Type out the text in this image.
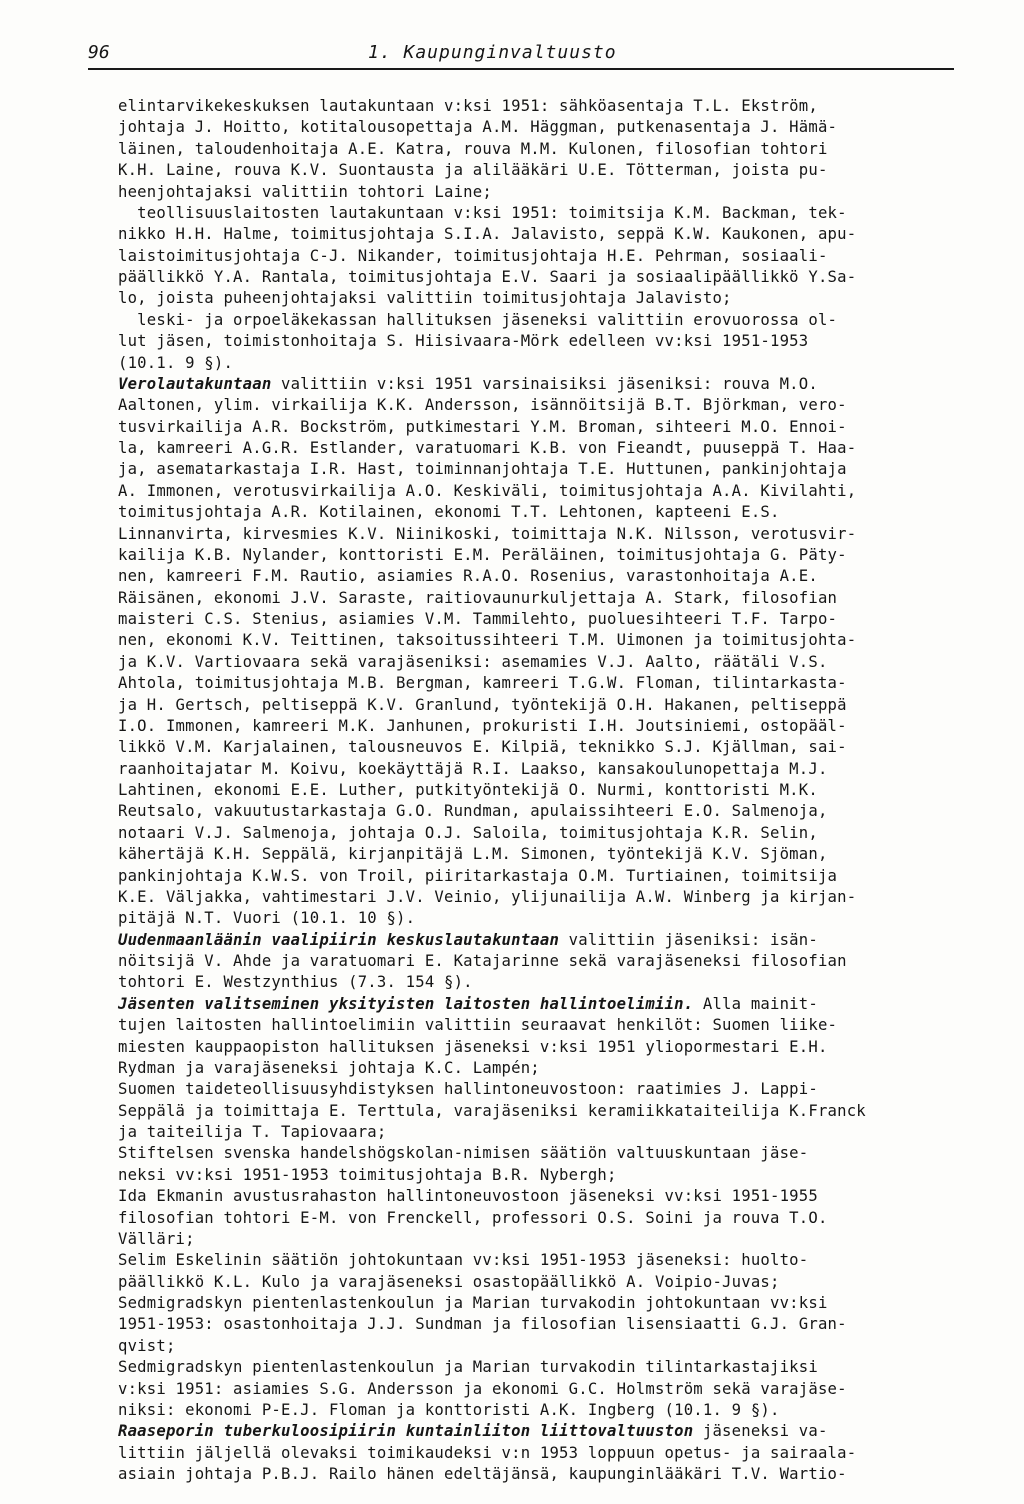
96	1. Kaupunginvaltuusto
elintarvikekeskuksen lautakuntaan v:ksi 1951: sähköasentaja T.L. Ekström,
johtaja J. Hoitto, kotitalousopettaja A.M. Häggman, putkenasentaja J. Hämä-
läinen, taloudenhoitaja A.E. Katra, rouva M.M. Kulonen, filosofian tohtori
K.H. Laine, rouva K.V. Suontausta ja alilääkäri U.E. Tötterman, joista pu-
heenjohtajaksi valittiin tohtori Laine;
teollisuuslaitosten lautakuntaan v:ksi 1951: toimitsija K.M. Backman, tek-
nikko H.H. Halme, toimitusjohtaja S.I.A. Jalavisto, seppä K.W. Kaukonen, apu-
laistoimitusjohtaja C-J. Nikander, toimitusjohtaja H.E. Pehrman, sosiaali-
päällikkö Y.A. Rantala, toimitusjohtaja E.V. Saari ja sosiaalipäällikkö Y.Sa-
lo, joista puheenjohtajaksi valittiin toimitusjohtaja Jalavisto;
leski- ja orpoeläkekassan hallituksen jäseneksi valittiin erovuorossa ol-
lut jäsen, toimistonhoitaja S. Hiisivaara-Mörk edelleen vv:ksi 1951-1953
(10.1. 9 §).
Verolautakuntaan valittiin v:ksi 1951 varsinaisiksi jäseniksi: rouva M.O.
Aaltonen, ylim. virkailija K.K. Andersson, isännöitsijä B.T. Björkman, vero-
tusvirkailija A.R. Bockström, putkimestari Y.M. Broman, sihteeri M.O. Ennoi-
la, kamreeri A.G.R. Estlander, varatuomari K.B. von Fieandt, puuseppä T. Haa-
ja, asematarkastaja I.R. Hast, toiminnanjohtaja T.E. Huttunen, pankinjohtaja
A. Immonen, verotusvirkailija A.O. Keskiväli, toimitusjohtaja A.A. Kivilahti,
toimitusjohtaja A.R. Kotilainen, ekonomi T.T. Lehtonen, kapteeni E.S.
Linnanvirta, kirvesmies K.V. Niinikoski, toimittaja N.K. Nilsson, verotusvir-
kailija K.B. Nylander, konttoristi E.M. Peräläinen, toimitusjohtaja G. Päty-
nen, kamreeri F.M. Rautio, asiamies R.A.O. Rosenius, varastonhoitaja A.E.
Räisänen, ekonomi J.V. Saraste, raitiovaunurkuljettaja A. Stark, filosofian
maisteri C.S. Stenius, asiamies V.M. Tammilehto, puoluesihteeri T.F. Tarpo-
nen, ekonomi K.V. Teittinen, taksoitussihteeri T.M. Uimonen ja toimitusjohta-
ja K.V. Vartiovaara sekä varajäseniksi: asemamies V.J. Aalto, räätäli V.S.
Ahtola, toimitusjohtaja M.B. Bergman, kamreeri T.G.W. Floman, tilintarkasta-
ja H. Gertsch, peltiseppä K.V. Granlund, työntekijä O.H. Hakanen, peltiseppä
I.O. Immonen, kamreeri M.K. Janhunen, prokuristi I.H. Joutsiniemi, ostopääl-
likkö V.M. Karjalainen, talousneuvos E. Kilpiä, teknikko S.J. Kjällman, sai-
raanhoitajatar M. Koivu, koekäyttäjä R.I. Laakso, kansakoulunopettaja M.J.
Lahtinen, ekonomi E.E. Luther, putkityöntekijä O. Nurmi, konttoristi M.K.
Reutsalo, vakuutustarkastaja G.O. Rundman, apulaissihteeri E.O. Salmenoja,
notaari V.J. Salmenoja, johtaja O.J. Saloila, toimitusjohtaja K.R. Selin,
kähertäjä K.H. Seppälä, kirjanpitäjä L.M. Simonen, työntekijä K.V. Sjöman,
pankinjohtaja K.W.S. von Troil, piiritarkastaja O.M. Turtiainen, toimitsija
K.E. Väljakka, vahtimestari J.V. Veinio, ylijunailija A.W. Winberg ja kirjan-
pitäjä N.T. Vuori (10.1. 10 §).
Uudenmaanläänin vaalipiirin keskuslautakuntaan valittiin jäseniksi: isän-
nöitsijä V. Ahde ja varatuomari E. Katajarinne sekä varajäseneksi filosofian
tohtori E. Westzynthius (7.3. 154 §).
Jäsenten valitseminen yksityisten laitosten hallintoelimiin. Alla mainit-
tujen laitosten hallintoelimiin valittiin seuraavat henkilöt: Suomen liike-
miesten kauppaopiston hallituksen jäseneksi v:ksi 1951 yliopormestari E.H.
Rydman ja varajäseneksi johtaja K.C. Lampén;
Suomen taideteollisuusyhdistyksen hallintoneuvostoon: raatimies J. Lappi-
Seppälä ja toimittaja E. Terttula, varajäseniksi keramiikkataiteilija K.Franck
ja taiteilija T. Tapiovaara;
Stiftelsen svenska handelshögskolan-nimisen säätiön valtuuskuntaan jäse-
neksi vv:ksi 1951-1953 toimitusjohtaja B.R. Nybergh;
Ida Ekmanin avustusrahaston hallintoneuvostoon jäseneksi vv:ksi 1951-1955
filosofian tohtori E-M. von Frenckell, professori O.S. Soini ja rouva T.O.
Välläri;
Selim Eskelinin säätiön johtokuntaan vv:ksi 1951-1953 jäseneksi: huolto-
päällikkö K.L. Kulo ja varajäseneksi osastopäällikkö A. Voipio-Juvas;
Sedmigradskyn pientenlastenkoulun ja Marian turvakodin johtokuntaan vv:ksi
1951-1953: osastonhoitaja J.J. Sundman ja filosofian lisensiaatti G.J. Gran-
qvist;
Sedmigradskyn pientenlastenkoulun ja Marian turvakodin tilintarkastajiksi
v:ksi 1951: asiamies S.G. Andersson ja ekonomi G.C. Holmström sekä varajäse-
niksi: ekonomi P-E.J. Floman ja konttoristi A.K. Ingberg (10.1. 9 §).
Raaseporin tuberkuloosipiirin kuntainliiton liittovaltuuston jäseneksi va-
littiin jäljellä olevaksi toimikaudeksi v:n 1953 loppuun opetus- ja sairaala-
asiain johtaja P.B.J. Railo hänen edeltäjänsä, kaupunginlääkäri T.V. Wartio-
